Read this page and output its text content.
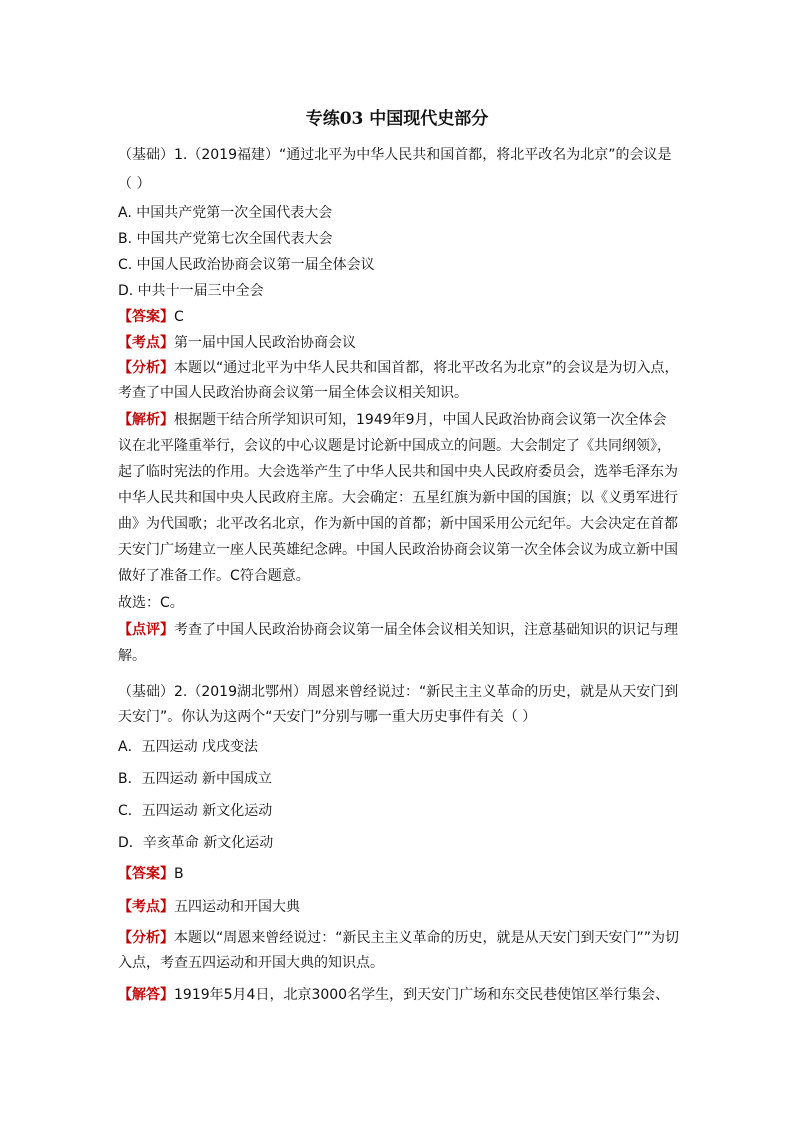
专练03 中国现代史部分
（基础）1.（2019福建）“通过北平为中华人民共和国首都，将北平改名为北京”的会议是
（ ）
A. 中国共产党第一次全国代表大会
B. 中国共产党第七次全国代表大会
C. 中国人民政治协商会议第一届全体会议
D. 中共十一届三中全会
【答案】C
【考点】第一届中国人民政治协商会议
【分析】本题以“通过北平为中华人民共和国首都，将北平改名为北京”的会议是为切入点，
考查了中国人民政治协商会议第一届全体会议相关知识。
【解析】根据题干结合所学知识可知，1949年9月，中国人民政治协商会议第一次全体会
议在北平隆重举行，会议的中心议题是讨论新中国成立的问题。大会制定了《共同纲领》，
起了临时宪法的作用。大会选举产生了中华人民共和国中央人民政府委员会，选举毛泽东为
中华人民共和国中央人民政府主席。大会确定：五星红旗为新中国的国旗；以《义勇军进行
曲》为代国歌；北平改名北京，作为新中国的首都；新中国采用公元纪年。大会决定在首都
天安门广场建立一座人民英雄纪念碑。中国人民政治协商会议第一次全体会议为成立新中国
做好了准备工作。C符合题意。
故选：C。
【点评】考查了中国人民政治协商会议第一届全体会议相关知识，注意基础知识的识记与理
解。
（基础）2.（2019湖北鄂州）周恩来曾经说过：“新民主主义革命的历史，就是从天安门到
天安门”。你认为这两个“天安门”分别与哪一重大历史事件有关（ ）
A．五四运动 戊戌变法
B．五四运动 新中国成立
C．五四运动 新文化运动
D．辛亥革命 新文化运动
【答案】B
【考点】五四运动和开国大典
【分析】本题以“周恩来曾经说过：“新民主主义革命的历史，就是从天安门到天安门””为切
入点，考查五四运动和开国大典的知识点。
【解答】1919年5月4日，北京3000名学生，到天安门广场和东交民巷使馆区举行集会、
